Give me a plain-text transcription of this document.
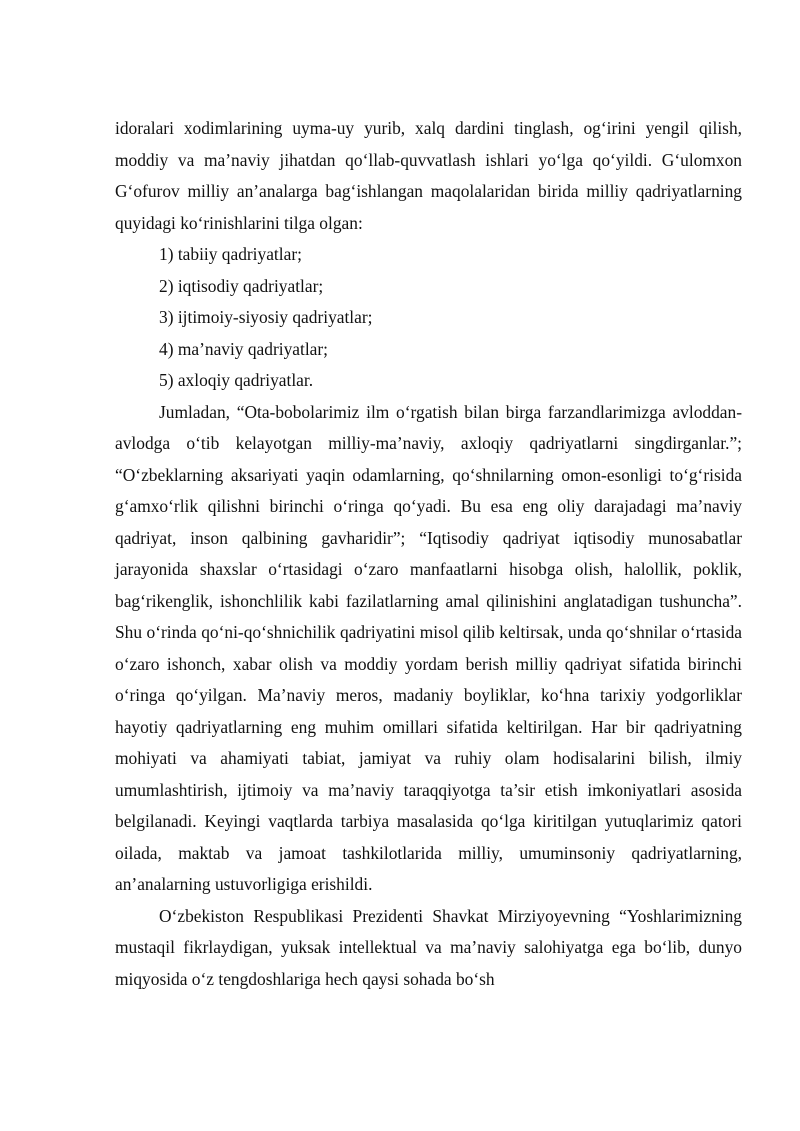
idoralari xodimlarining uyma-uy yurib, xalq dardini tinglash, og‘irini yengil qilish, moddiy va ma’naviy jihatdan qo‘llab-quvvatlash ishlari yo‘lga qo‘yildi. G‘ulomxon G‘ofurov milliy an’analarga bag‘ishlangan maqolalaridan birida milliy qadriyatlarning quyidagi ko‘rinishlarini tilga olgan:

1) tabiiy qadriyatlar;

2) iqtisodiy qadriyatlar;

3) ijtimoiy-siyosiy qadriyatlar;

4) ma’naviy qadriyatlar;

5) axloqiy qadriyatlar.

Jumladan, “Ota-bobolarimiz ilm o‘rgatish bilan birga farzandlarimizga avloddan-avlodga o‘tib kelayotgan milliy-ma’naviy, axloqiy qadriyatlarni singdirganlar.”; “O‘zbeklarning aksariyati yaqin odamlarning, qo‘shnilarning omon-esonligi to‘g‘risida g‘amxo‘rlik qilishni birinchi o‘ringa qo‘yadi. Bu esa eng oliy darajadagi ma’naviy qadriyat, inson qalbining gavharidir”; “Iqtisodiy qadriyat iqtisodiy munosabatlar jarayonida shaxslar o‘rtasidagi o‘zaro manfaatlarni hisobga olish, halollik, poklik, bag‘rikenglik, ishonchlilik kabi fazilatlarning amal qilinishini anglatadigan tushuncha”. Shu o‘rinda qo‘ni-qo‘shnichilik qadriyatini misol qilib keltirsak, unda qo‘shnilar o‘rtasida o‘zaro ishonch, xabar olish va moddiy yordam berish milliy qadriyat sifatida birinchi o‘ringa qo‘yilgan. Ma’naviy meros, madaniy boyliklar, ko‘hna tarixiy yodgorliklar hayotiy qadriyatlarning eng muhim omillari sifatida keltirilgan. Har bir qadriyatning mohiyati va ahamiyati tabiat, jamiyat va ruhiy olam hodisalarini bilish, ilmiy umumlashtirish, ijtimoiy va ma’naviy taraqqiyotga ta’sir etish imkoniyatlari asosida belgilanadi. Keyingi vaqtlarda tarbiya masalasida qo‘lga kiritilgan yutuqlarimiz qatori oilada, maktab va jamoat tashkilotlarida milliy, umuminsoniy qadriyatlarning, an’analarning ustuvorligiga erishildi.

O‘zbekiston Respublikasi Prezidenti Shavkat Mirziyoyevning “Yoshlarimizning mustaqil fikrlaydigan, yuksak intellektual va ma’naviy salohiyatga ega bo‘lib, dunyo miqyosida o‘z tengdoshlariga hech qaysi sohada bo‘sh
